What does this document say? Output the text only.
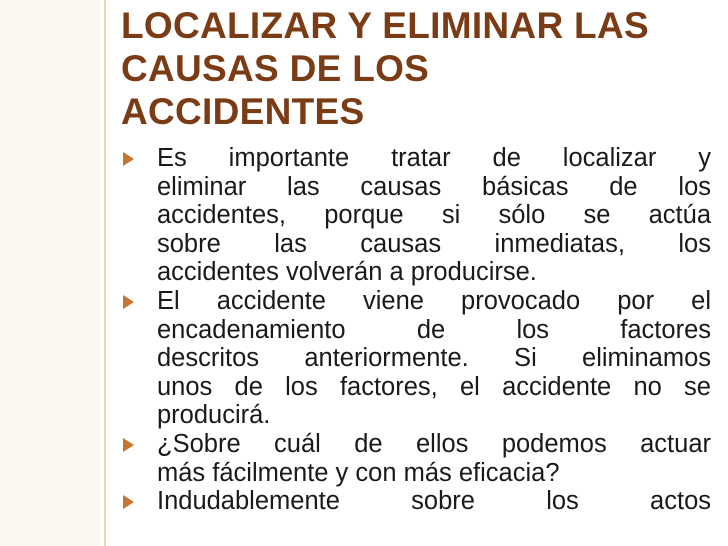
LOCALIZAR Y ELIMINAR LAS
CAUSAS DE LOS
ACCIDENTES
Es importante tratar de localizar y
eliminar las causas básicas de los
accidentes, porque si sólo se actúa
sobre las causas inmediatas, los
accidentes volverán a producirse.
El accidente viene provocado por el
encadenamiento de los factores
descritos anteriormente. Si eliminamos
unos de los factores, el accidente no se
producirá.
¿Sobre cuál de ellos podemos actuar
más fácilmente y con más eficacia?
Indudablemente sobre los actos
